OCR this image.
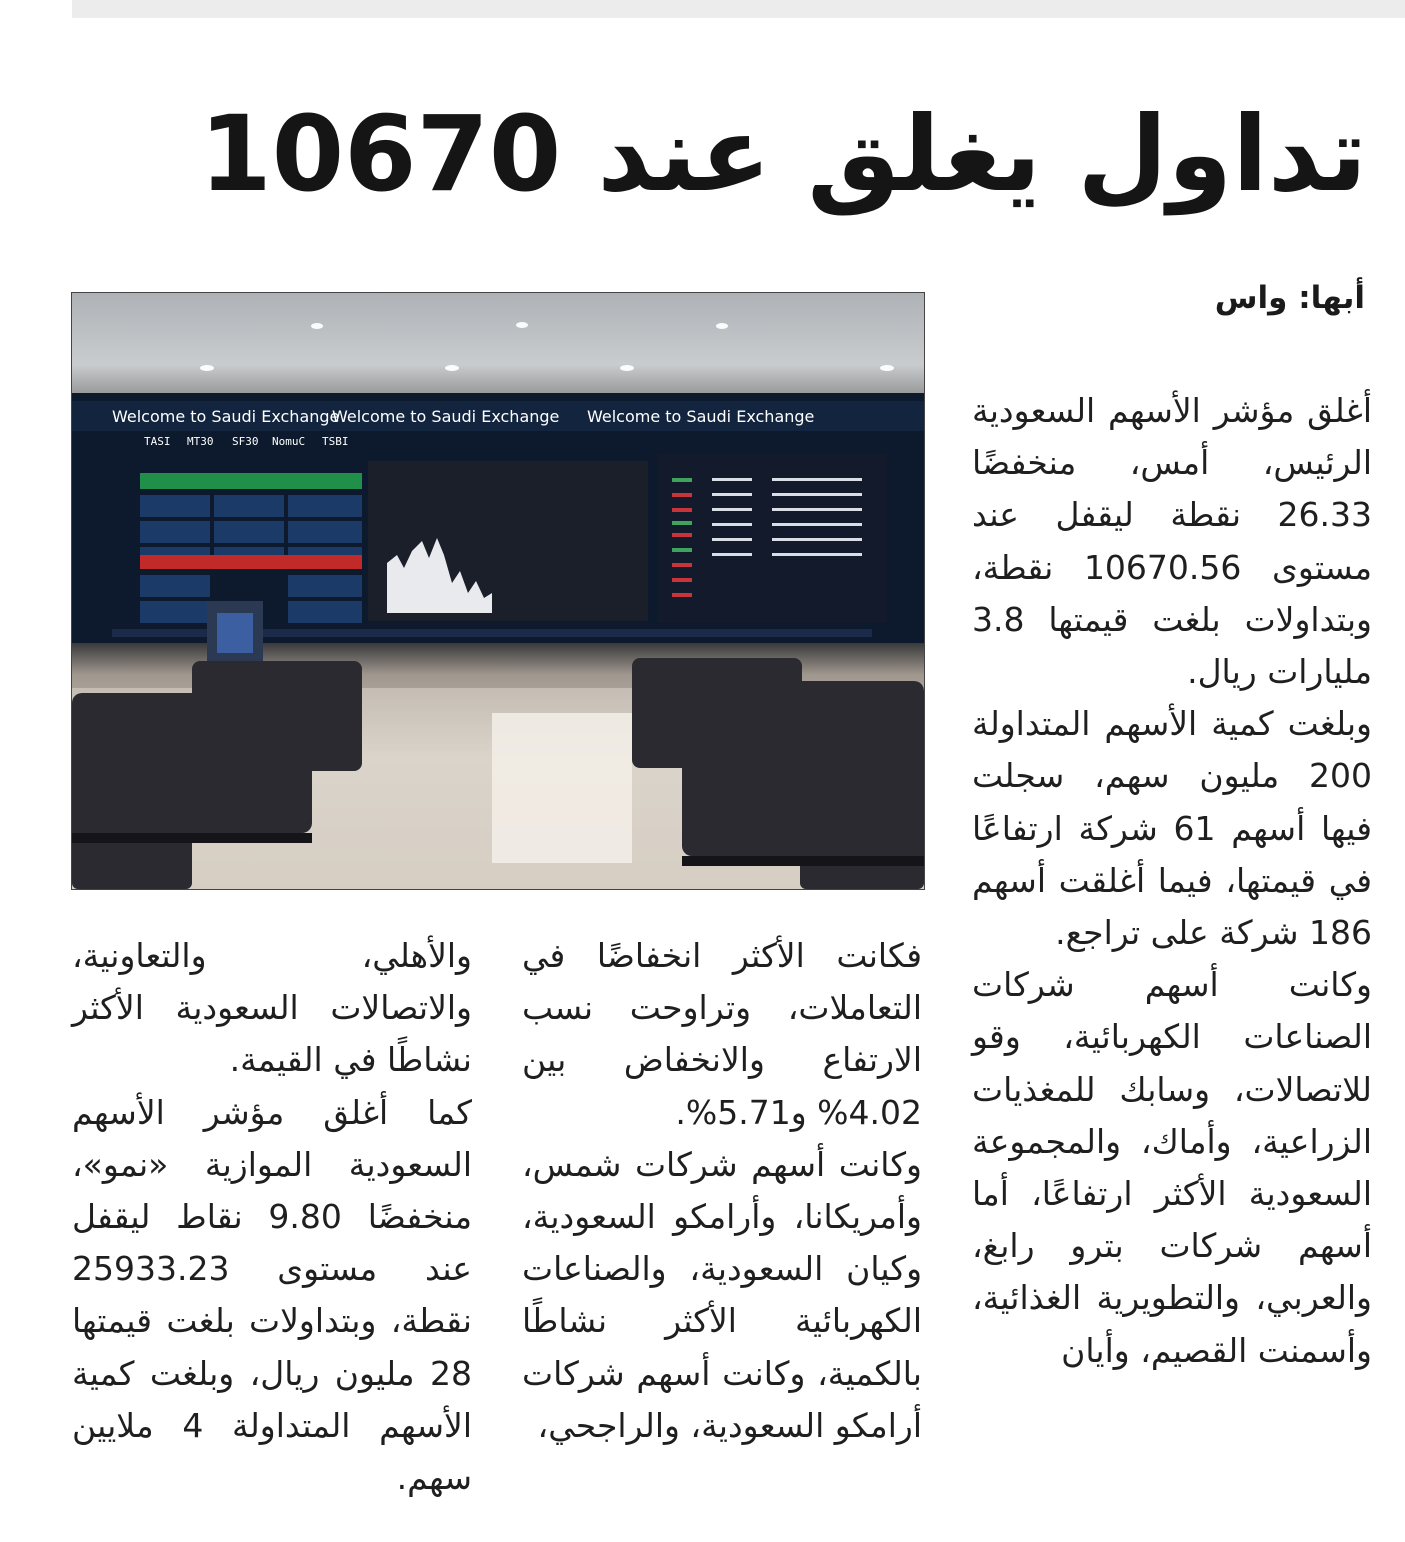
تداول يغلق عند 10670
أبها: واس
Welcome to Saudi Exchange
Welcome to Saudi Exchange Welcome to Saudi Exchange
TASI MT30 SF30 NomuC TSBI

أغلق مؤشر الأسهم السعودية الرئيس، أمس، منخفضًا 26.33 نقطة ليقفل عند مستوى 10670.56 نقطة، وبتداولات بلغت قيمتها 3.8 مليارات ريال.

وبلغت كمية الأسهم المتداولة 200 مليون سهم، سجلت فيها أسهم 61 شركة ارتفاعًا في قيمتها، فيما أغلقت أسهم 186 شركة على تراجع.

وكانت أسهم شركات الصناعات الكهربائية، وقو للاتصالات، وسابك للمغذيات الزراعية، وأماك، والمجموعة السعودية الأكثر ارتفاعًا، أما أسهم شركات بترو رابغ، والعربي، والتطويرية الغذائية، وأسمنت القصيم، وأيان

فكانت الأكثر انخفاضًا في التعاملات، وتراوحت نسب الارتفاع والانخفاض بين 4.02% و5.71%.

وكانت أسهم شركات شمس، وأمريكانا، وأرامكو السعودية، وكيان السعودية، والصناعات الكهربائية الأكثر نشاطًا بالكمية، وكانت أسهم شركات أرامكو السعودية، والراجحي،

والأهلي، والتعاونية، والاتصالات السعودية الأكثر نشاطًا في القيمة.

كما أغلق مؤشر الأسهم السعودية الموازية «نمو»، منخفضًا 9.80 نقاط ليقفل عند مستوى 25933.23 نقطة، وبتداولات بلغت قيمتها 28 مليون ريال، وبلغت كمية الأسهم المتداولة 4 ملايين سهم.
